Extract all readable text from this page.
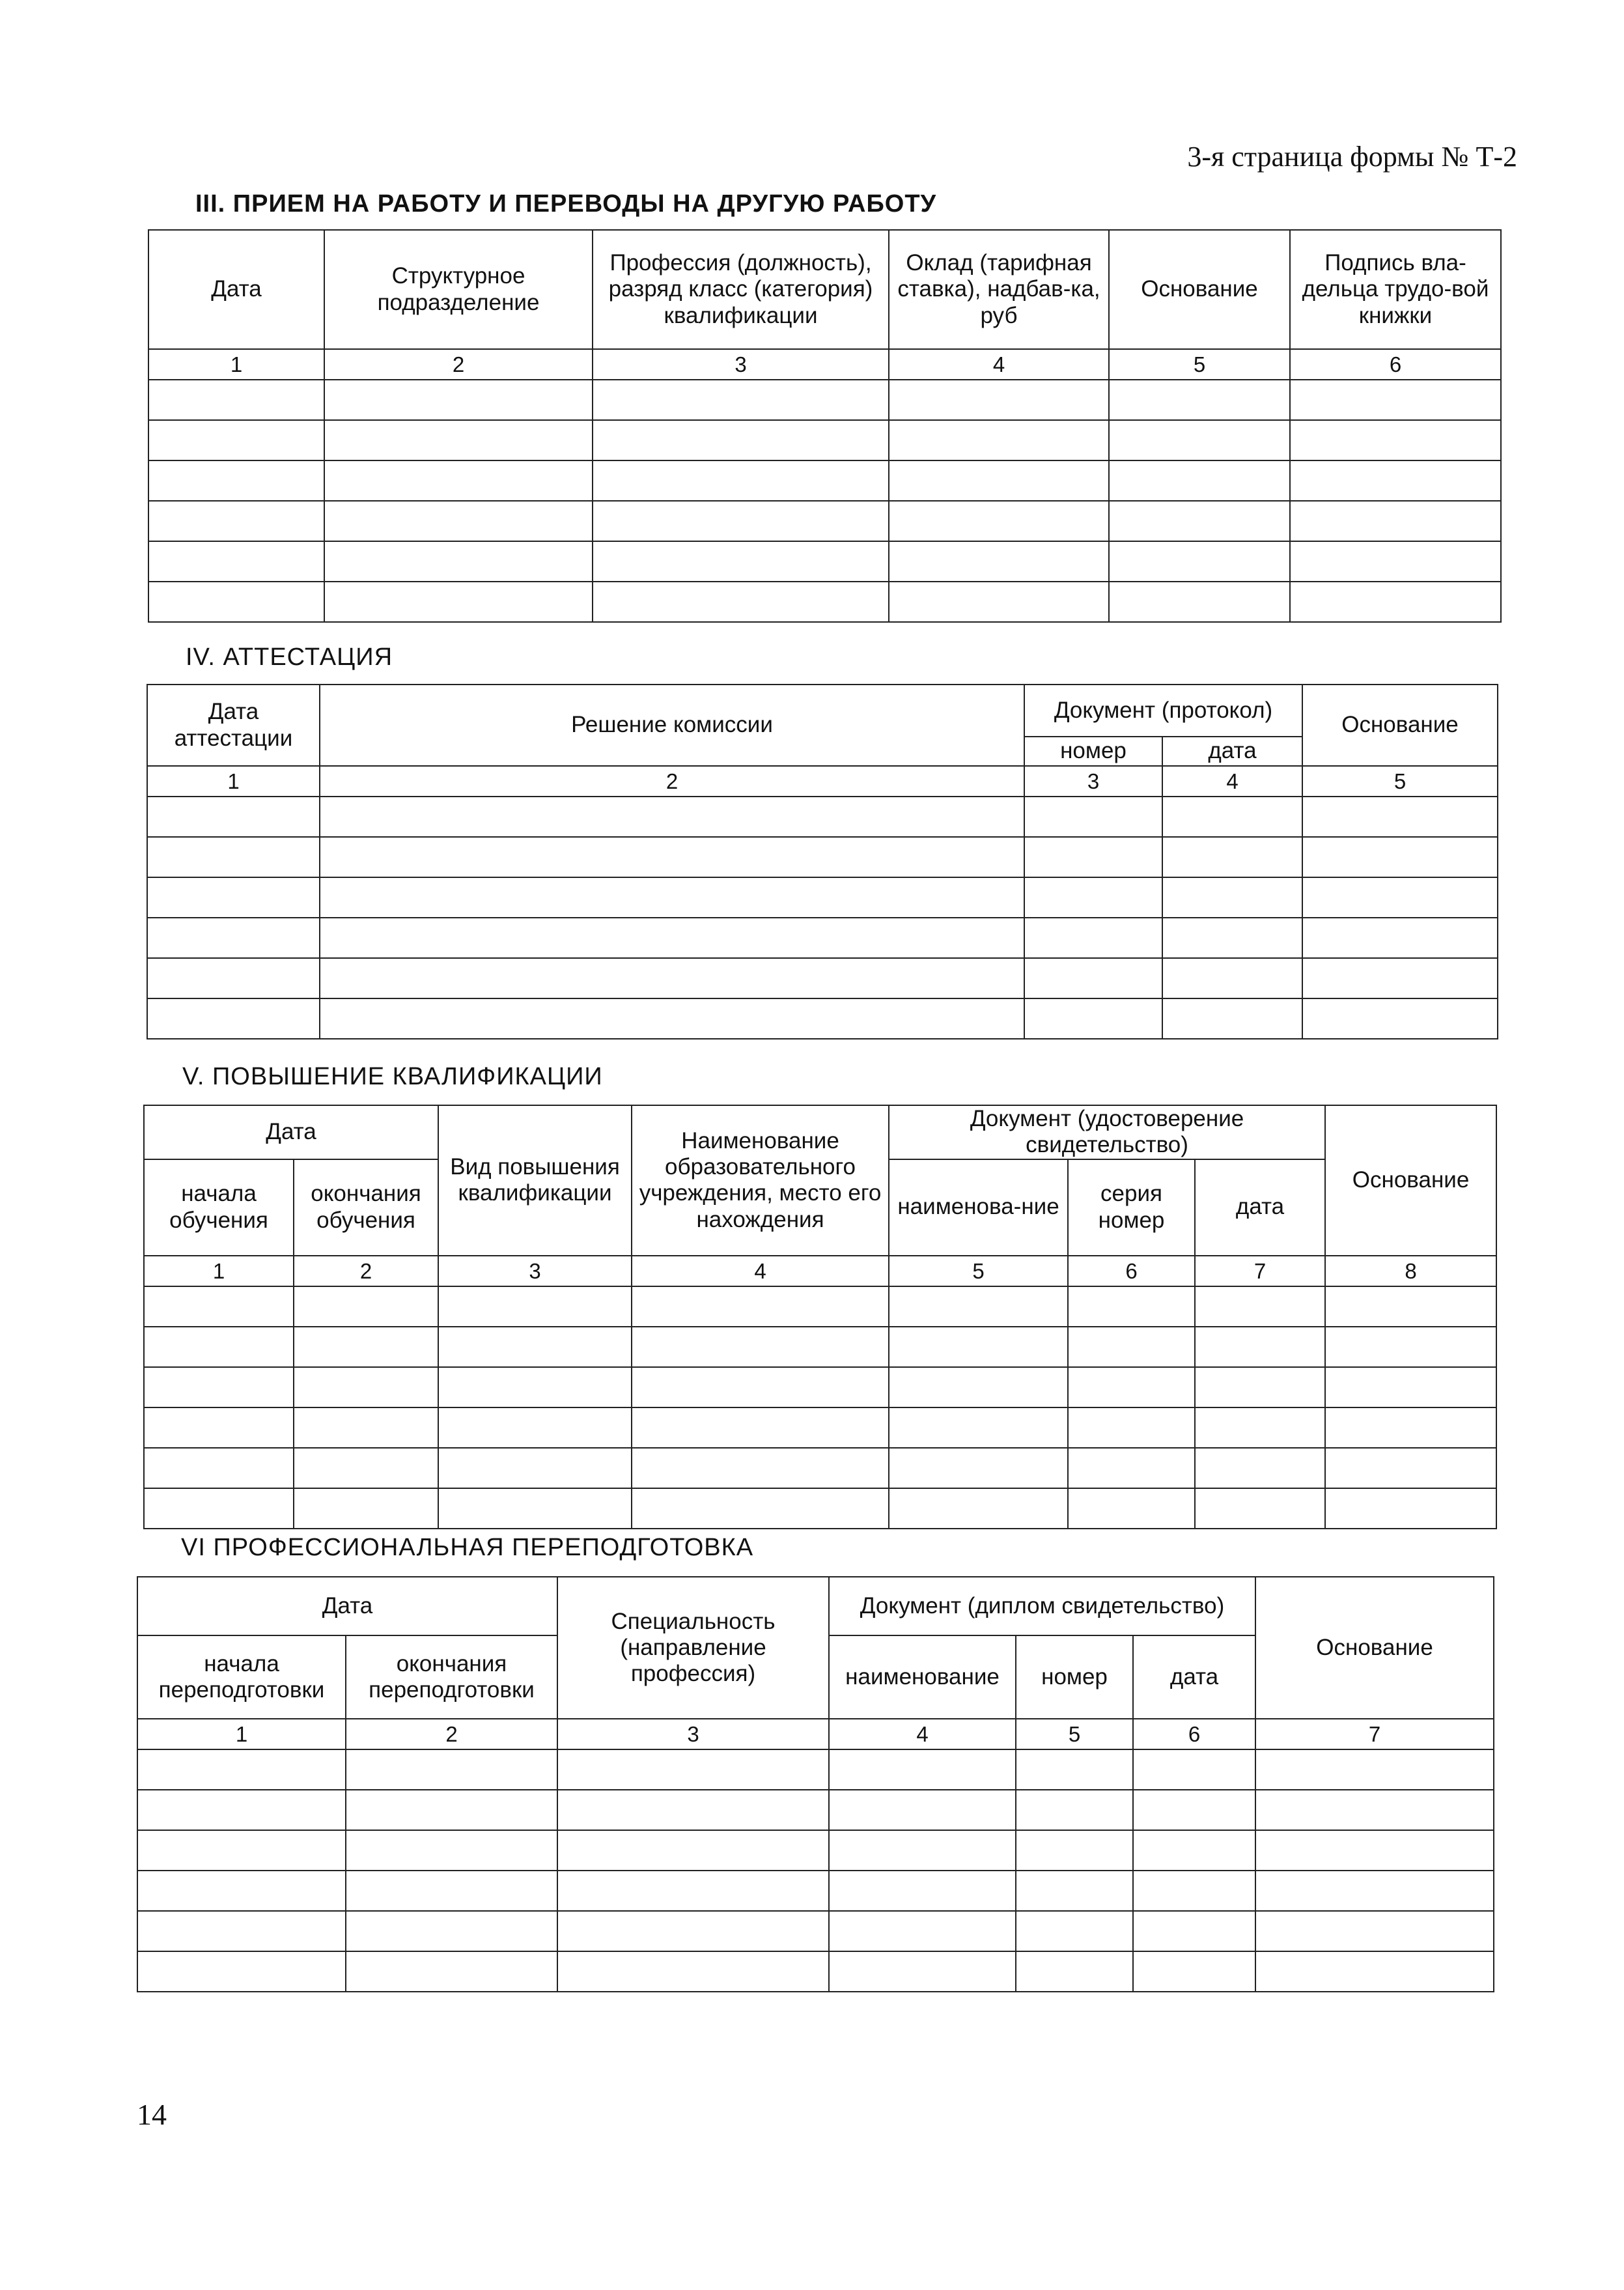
3-я страница формы № Т-2
III. ПРИЕМ НА РАБОТУ И ПЕРЕВОДЫ НА ДРУГУЮ РАБОТУ
Дата	Структурное подразделение	Профессия (должность), разряд класс (категория) квалификации	Оклад (тарифная ставка), надбав-ка, руб	Основание	Подпись вла-дельца трудо-вой книжки
1	2	3	4	5	6

IV. АТТЕСТАЦИЯ
Дата аттестации	Решение комиссии	Документ (протокол)		Основание
		номер	дата	
1	2	3	4	5

V. ПОВЫШЕНИЕ КВАЛИФИКАЦИИ
Дата		Вид повышения квалификации	Наименование образовательного учреждения, место его нахождения	Документ (удостоверение свидетельство)			Основание
начала обучения	окончания обучения			наименова-ние	серия номер	дата	
1	2	3	4	5	6	7	8

VI ПРОФЕССИОНАЛЬНАЯ ПЕРЕПОДГОТОВКА
Дата		Специальность (направление профессия)	Документ (диплом свидетельство)			Основание
начала переподготовки	окончания переподготовки		наименование	номер	дата	
1	2	3	4	5	6	7

14
